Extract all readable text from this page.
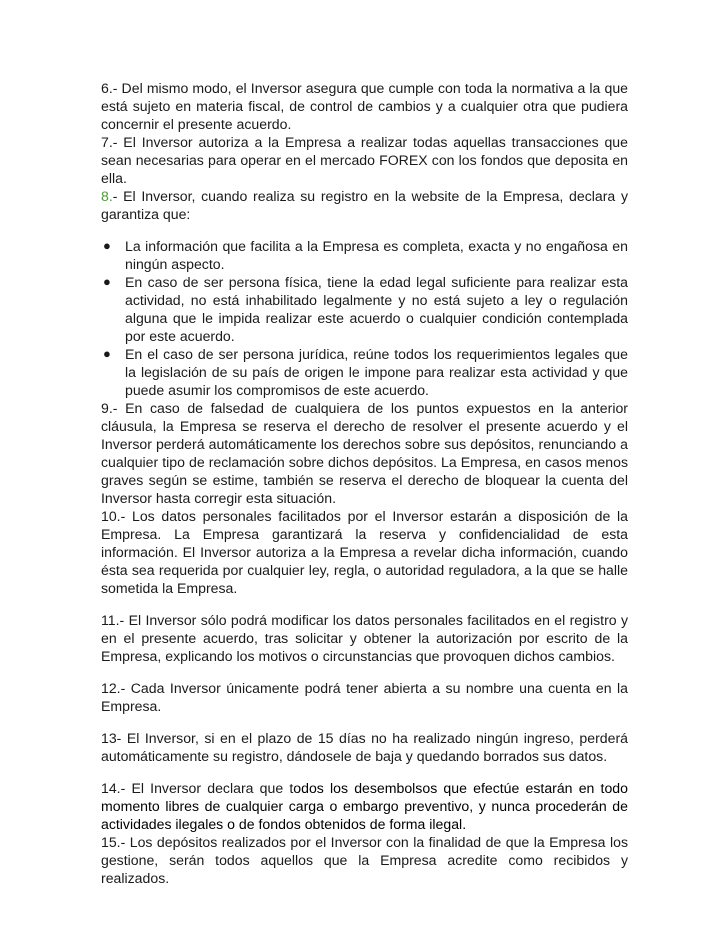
6.- Del mismo modo, el Inversor asegura que cumple con toda la normativa a la que está sujeto en materia fiscal, de control de cambios y a cualquier otra que pudiera concernir el presente acuerdo.

7.- El Inversor autoriza a la Empresa a realizar todas aquellas transacciones que sean necesarias para operar en el mercado FOREX con los fondos que deposita en ella.

8.- El Inversor, cuando realiza su registro en la website de la Empresa, declara y garantiza que:

● La información que facilita a la Empresa es completa, exacta y no engañosa en ningún aspecto.
● En caso de ser persona física, tiene la edad legal suficiente para realizar esta actividad, no está inhabilitado legalmente y no está sujeto a ley o regulación alguna que le impida realizar este acuerdo o cualquier condición contemplada por este acuerdo.
● En el caso de ser persona jurídica, reúne todos los requerimientos legales que la legislación de su país de origen le impone para realizar esta actividad y que puede asumir los compromisos de este acuerdo.

9.- En caso de falsedad de cualquiera de los puntos expuestos en la anterior cláusula, la Empresa se reserva el derecho de resolver el presente acuerdo y el Inversor perderá automáticamente los derechos sobre sus depósitos, renunciando a cualquier tipo de reclamación sobre dichos depósitos. La Empresa, en casos menos graves según se estime, también se reserva el derecho de bloquear la cuenta del Inversor hasta corregir esta situación.

10.- Los datos personales facilitados por el Inversor estarán a disposición de la Empresa. La Empresa garantizará la reserva y confidencialidad de esta información. El Inversor autoriza a la Empresa a revelar dicha información, cuando ésta sea requerida por cualquier ley, regla, o autoridad reguladora, a la que se halle sometida la Empresa.

11.- El Inversor sólo podrá modificar los datos personales facilitados en el registro y en el presente acuerdo, tras solicitar y obtener la autorización por escrito de la Empresa, explicando los motivos o circunstancias que provoquen dichos cambios.

12.- Cada Inversor únicamente podrá tener abierta a su nombre una cuenta en la Empresa.

13- El Inversor, si en el plazo de 15 días no ha realizado ningún ingreso, perderá automáticamente su registro, dándosele de baja y quedando borrados sus datos.

14.- El Inversor declara que todos los desembolsos que efectúe estarán en todo momento libres de cualquier carga o embargo preventivo, y nunca procederán de actividades ilegales o de fondos obtenidos de forma ilegal.

15.- Los depósitos realizados por el Inversor con la finalidad de que la Empresa los gestione, serán todos aquellos que la Empresa acredite como recibidos y realizados.
